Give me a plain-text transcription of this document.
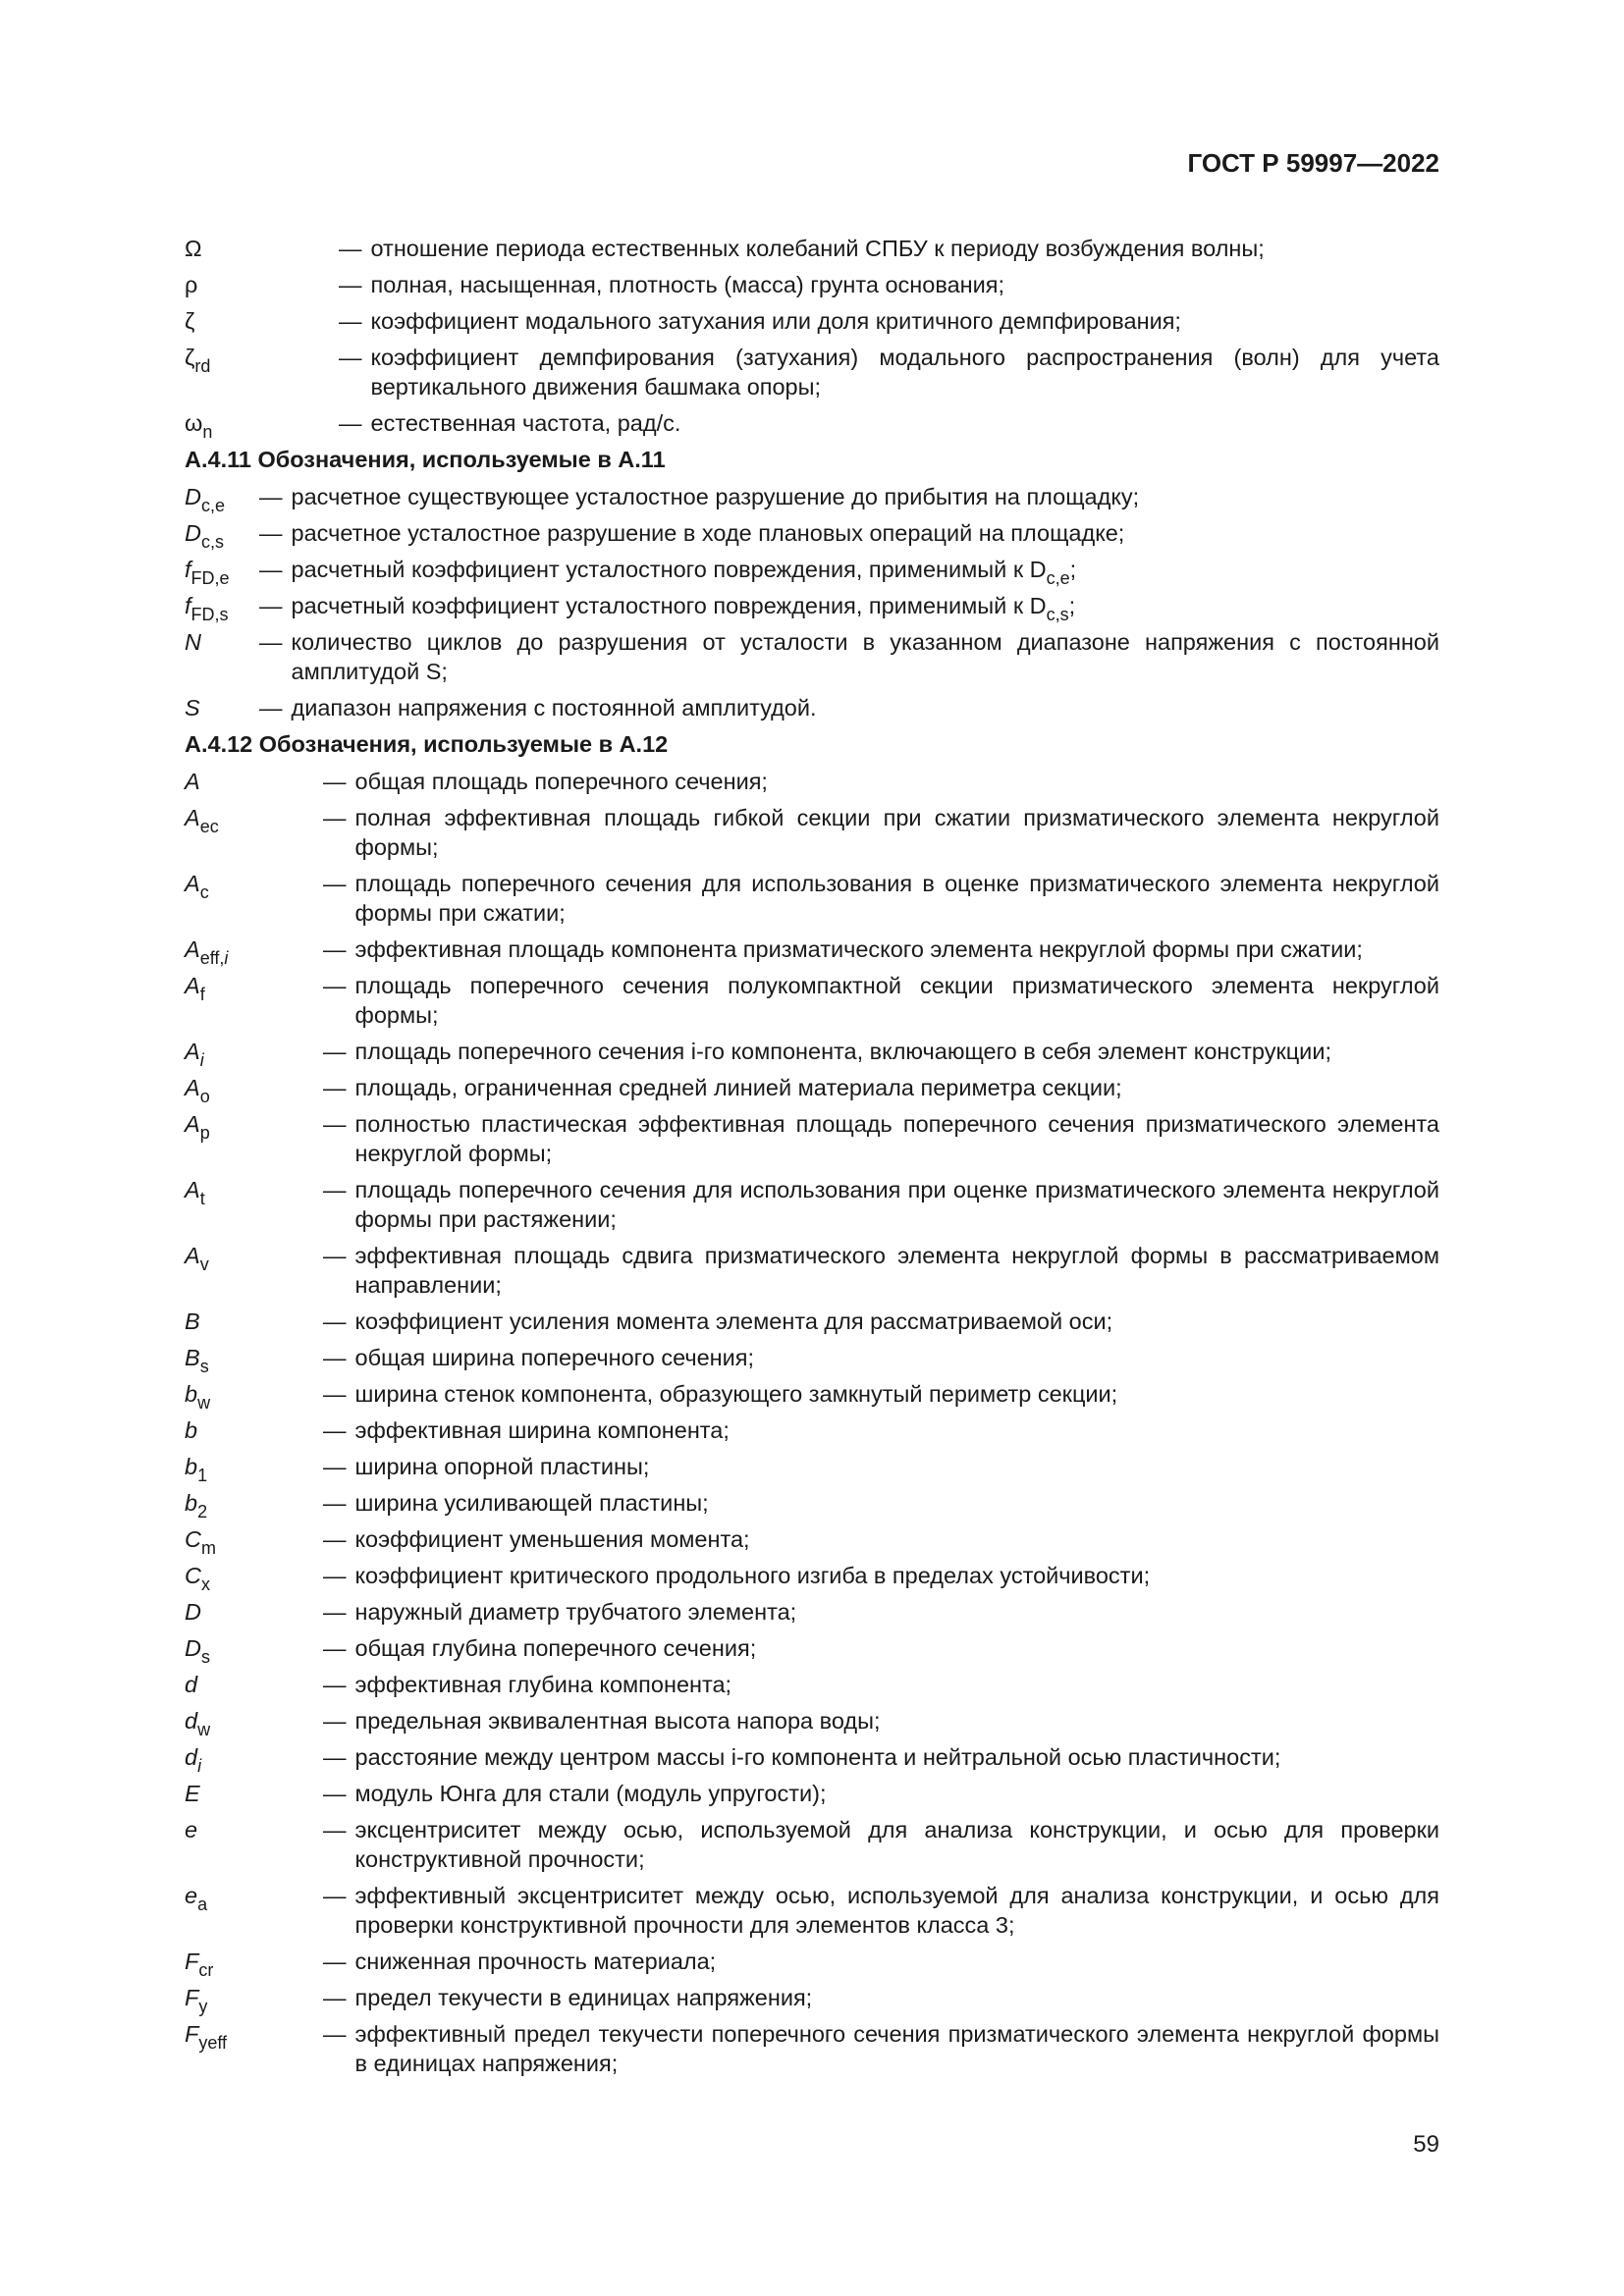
ГОСТ Р 59997—2022
Ω	— отношение периода естественных колебаний СПБУ к периоду возбуждения волны;
ρ	— полная, насыщенная, плотность (масса) грунта основания;
ζ	— коэффициент модального затухания или доля критичного демпфирования;
$\zeta_{rd}$	— коэффициент демпфирования (затухания) модального распространения (волн) для учета вертикального движения башмака опоры;
$\omega_n$	— естественная частота, рад/с.
А.4.11 Обозначения, используемые в А.11
$D_{c,e}$	— расчетное существующее усталостное разрушение до прибытия на площадку;
$D_{c,s}$	— расчетное усталостное разрушение в ходе плановых операций на площадке;
$f_{FD,e}$	— расчетный коэффициент усталостного повреждения, применимый к $D_{c,e}$;
$f_{FD,s}$	— расчетный коэффициент усталостного повреждения, применимый к $D_{c,s}$;
N	— количество циклов до разрушения от усталости в указанном диапазоне напряжения с постоянной амплитудой S;
S	— диапазон напряжения с постоянной амплитудой.
А.4.12 Обозначения, используемые в А.12
A	— общая площадь поперечного сечения;
$A_{ec}$	— полная эффективная площадь гибкой секции при сжатии призматического элемента некруглой формы;
$A_c$	— площадь поперечного сечения для использования в оценке призматического элемента некруглой формы при сжатии;
$A_{eff,i}$	— эффективная площадь компонента призматического элемента некруглой формы при сжатии;
$A_f$	— площадь поперечного сечения полукомпактной секции призматического элемента некруглой формы;
$A_i$	— площадь поперечного сечения i-го компонента, включающего в себя элемент конструкции;
$A_o$	— площадь, ограниченная средней линией материала периметра секции;
$A_p$	— полностью пластическая эффективная площадь поперечного сечения призматического элемента некруглой формы;
$A_t$	— площадь поперечного сечения для использования при оценке призматического элемента некруглой формы при растяжении;
$A_v$	— эффективная площадь сдвига призматического элемента некруглой формы в рассматриваемом направлении;
B	— коэффициент усиления момента элемента для рассматриваемой оси;
$B_s$	— общая ширина поперечного сечения;
$b_w$	— ширина стенок компонента, образующего замкнутый периметр секции;
b	— эффективная ширина компонента;
$b_1$	— ширина опорной пластины;
$b_2$	— ширина усиливающей пластины;
$C_m$	— коэффициент уменьшения момента;
$C_x$	— коэффициент критического продольного изгиба в пределах устойчивости;
D	— наружный диаметр трубчатого элемента;
$D_s$	— общая глубина поперечного сечения;
d	— эффективная глубина компонента;
$d_w$	— предельная эквивалентная высота напора воды;
$d_i$	— расстояние между центром массы i-го компонента и нейтральной осью пластичности;
E	— модуль Юнга для стали (модуль упругости);
e	— эксцентриситет между осью, используемой для анализа конструкции, и осью для проверки конструктивной прочности;
$e_a$	— эффективный эксцентриситет между осью, используемой для анализа конструкции, и осью для проверки конструктивной прочности для элементов класса 3;
$F_{cr}$	— сниженная прочность материала;
$F_y$	— предел текучести в единицах напряжения;
$F_{yeff}$	— эффективный предел текучести поперечного сечения призматического элемента некруглой формы в единицах напряжения;
59
